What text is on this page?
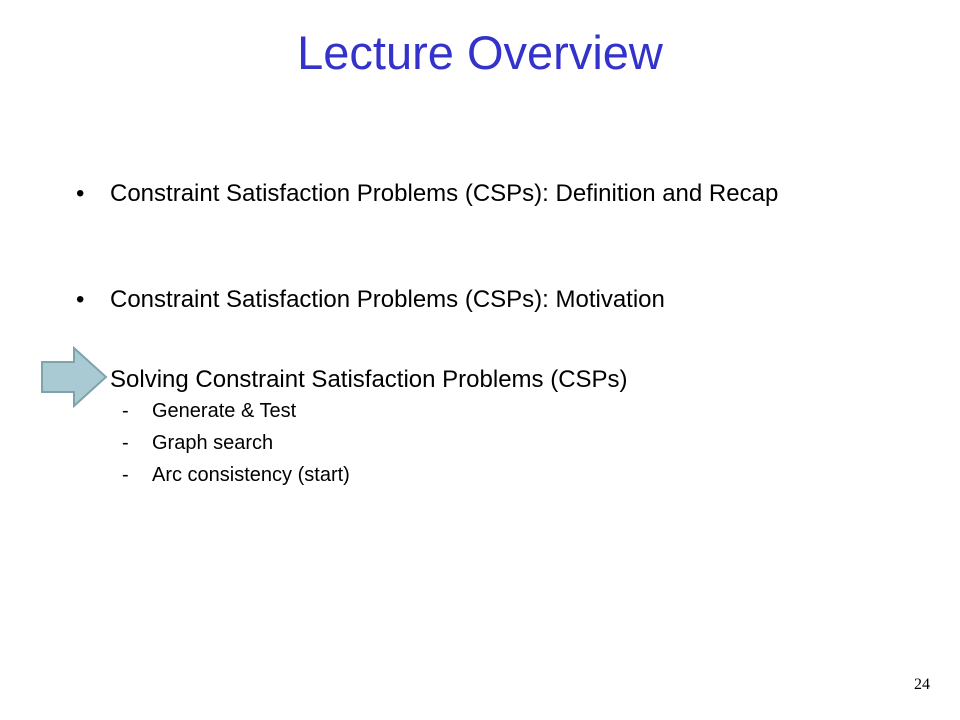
Lecture Overview
• Constraint Satisfaction Problems (CSPs): Definition and Recap
• Constraint Satisfaction Problems (CSPs): Motivation
Solving Constraint Satisfaction Problems (CSPs)
- Generate & Test
- Graph search
- Arc consistency (start)
24
